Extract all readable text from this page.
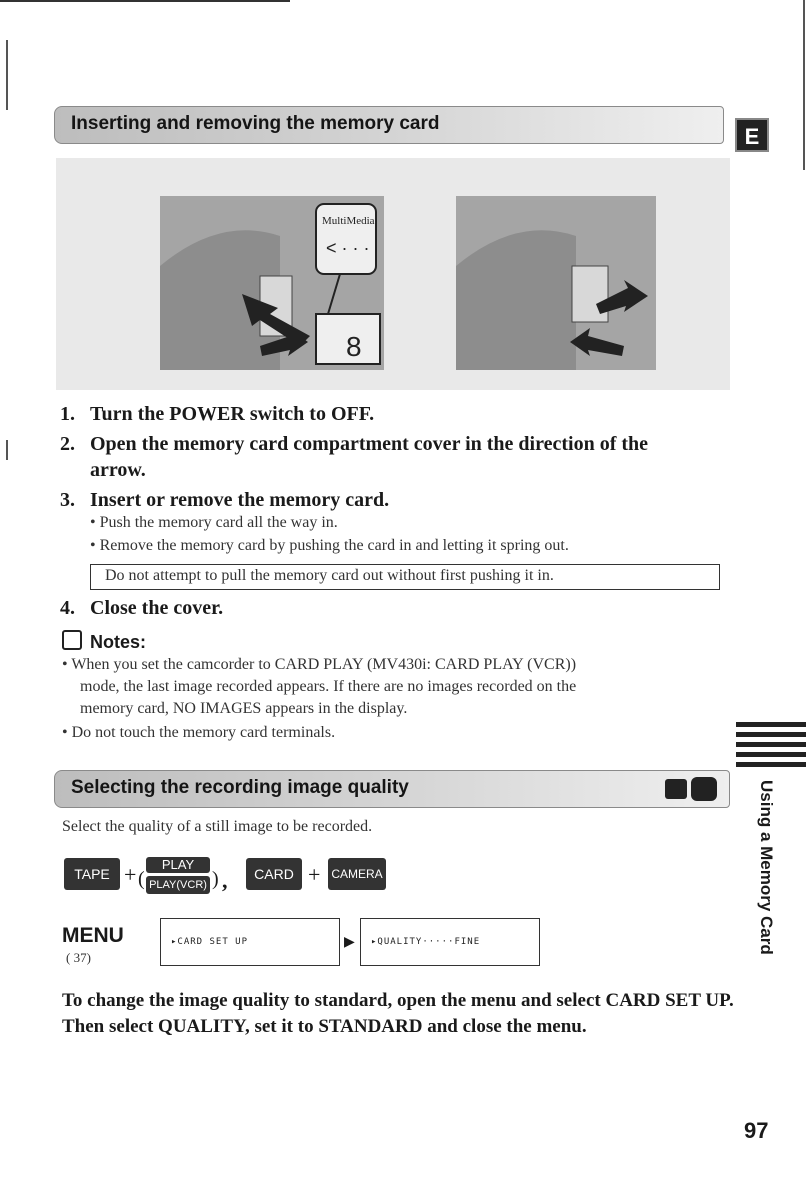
Inserting and removing the memory card
E
MultiMedia
< · · ·
8
1. Turn the POWER switch to OFF.
2. Open the memory card compartment cover in the direction of the
arrow.
3. Insert or remove the memory card.
• Push the memory card all the way in.
• Remove the memory card by pushing the card in and letting it spring out.
Do not attempt to pull the memory card out without first pushing it in.
4. Close the cover.
Notes:
• When you set the camcorder to CARD PLAY (MV430i: CARD PLAY (VCR))
mode, the last image recorded appears. If there are no images recorded on the
memory card, NO IMAGES appears in the display.
• Do not touch the memory card terminals.
Selecting the recording image quality
Select the quality of a still image to be recorded.
TAPE + (
PLAY
PLAY(VCR) ) ,	CARD + CAMERA
MENU
( 37)
▸CARD SET UP	▶ ▸QUALITY·····FINE
To change the image quality to standard, open the menu and select CARD SET UP. Then select QUALITY, set it to STANDARD and close the menu.
Using a Memory Card
97
